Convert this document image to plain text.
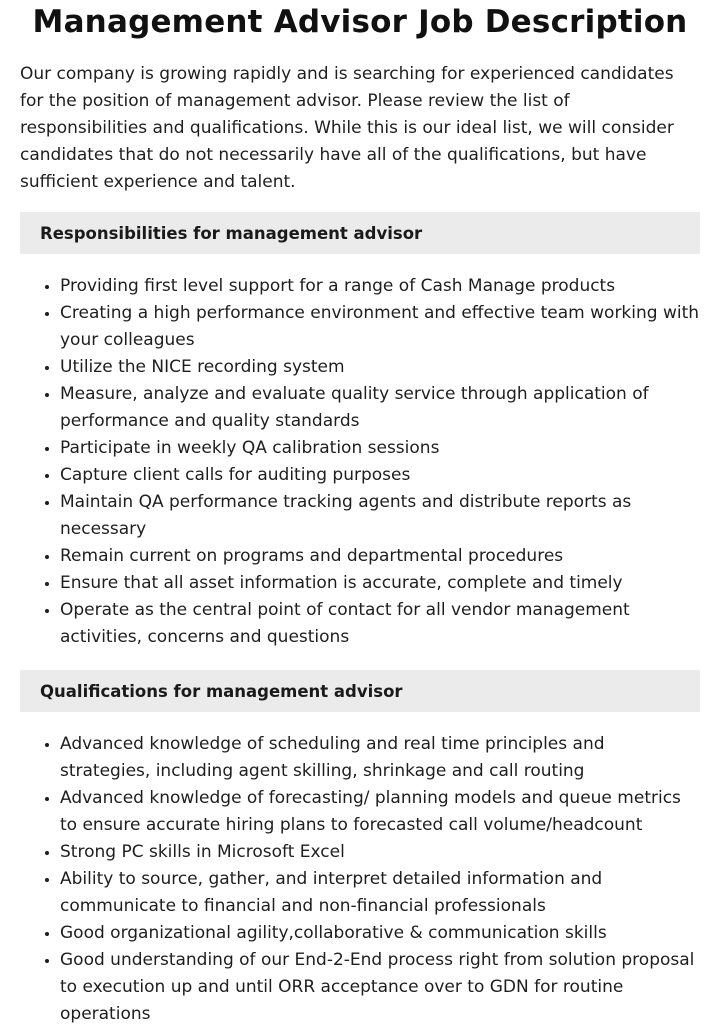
Management Advisor Job Description

Our company is growing rapidly and is searching for experienced candidates for the position of management advisor. Please review the list of responsibilities and qualifications. While this is our ideal list, we will consider candidates that do not necessarily have all of the qualifications, but have sufficient experience and talent.

Responsibilities for management advisor
• Providing first level support for a range of Cash Manage products
• Creating a high performance environment and effective team working with your colleagues
• Utilize the NICE recording system
• Measure, analyze and evaluate quality service through application of performance and quality standards
• Participate in weekly QA calibration sessions
• Capture client calls for auditing purposes
• Maintain QA performance tracking agents and distribute reports as necessary
• Remain current on programs and departmental procedures
• Ensure that all asset information is accurate, complete and timely
• Operate as the central point of contact for all vendor management activities, concerns and questions
Qualifications for management advisor
• Advanced knowledge of scheduling and real time principles and strategies, including agent skilling, shrinkage and call routing
• Advanced knowledge of forecasting/ planning models and queue metrics to ensure accurate hiring plans to forecasted call volume/headcount
• Strong PC skills in Microsoft Excel
• Ability to source, gather, and interpret detailed information and communicate to financial and non-financial professionals
• Good organizational agility,collaborative & communication skills
• Good understanding of our End-2-End process right from solution proposal to execution up and until ORR acceptance over to GDN for routine operations
